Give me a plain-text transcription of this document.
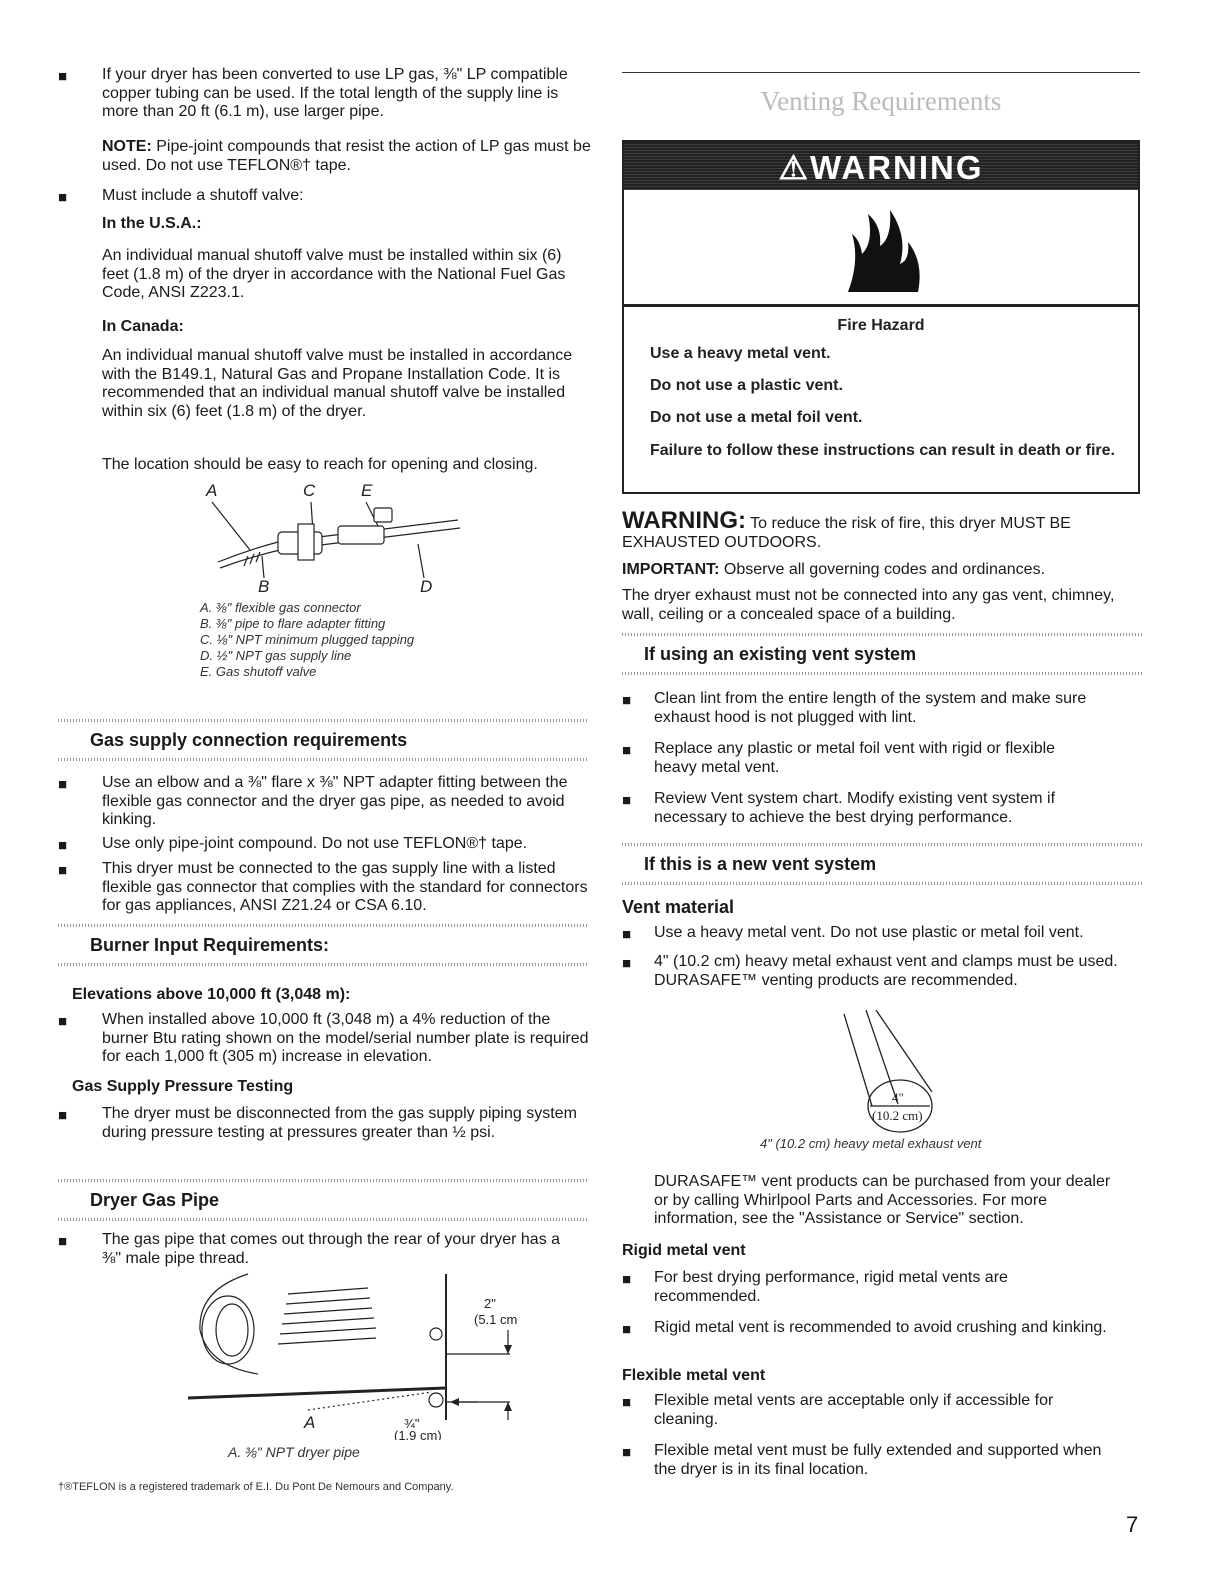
■ If your dryer has been converted to use LP gas, ⅜" LP compatible copper tubing can be used. If the total length of the supply line is more than 20 ft (6.1 m), use larger pipe.

NOTE: Pipe-joint compounds that resist the action of LP gas must be used. Do not use TEFLON®† tape.

■ Must include a shutoff valve:

In the U.S.A.:

An individual manual shutoff valve must be installed within six (6) feet (1.8 m) of the dryer in accordance with the National Fuel Gas Code, ANSI Z223.1.

In Canada:

An individual manual shutoff valve must be installed in accordance with the B149.1, Natural Gas and Propane Installation Code. It is recommended that an individual manual shutoff valve be installed within six (6) feet (1.8 m) of the dryer.

The location should be easy to reach for opening and closing.

A	C	E
B	D
A. ⅜" flexible gas connector
B. ⅜" pipe to flare adapter fitting
C. ⅛" NPT minimum plugged tapping
D. ½" NPT gas supply line
E. Gas shutoff valve
Gas supply connection requirements
■ Use an elbow and a ⅜" flare x ⅜" NPT adapter fitting between the flexible gas connector and the dryer gas pipe, as needed to avoid kinking.

■ Use only pipe-joint compound. Do not use TEFLON®† tape.

■ This dryer must be connected to the gas supply line with a listed flexible gas connector that complies with the standard for connectors for gas appliances, ANSI Z21.24 or CSA 6.10.

Burner Input Requirements:

Elevations above 10,000 ft (3,048 m):

■ When installed above 10,000 ft (3,048 m) a 4% reduction of the burner Btu rating shown on the model/serial number plate is required for each 1,000 ft (305 m) increase in elevation.

Gas Supply Pressure Testing

■ The dryer must be disconnected from the gas supply piping system during pressure testing at pressures greater than ½ psi.

Dryer Gas Pipe
■ The gas pipe that comes out through the rear of your dryer has a ⅜" male pipe thread.

2"
(5.1 cm)
¾"
(1.9 cm)
A

A. ⅜" NPT dryer pipe

†®TEFLON is a registered trademark of E.I. Du Pont De Nemours and Company.

Venting Requirements

⚠WARNING

Fire Hazard

Use a heavy metal vent.

Do not use a plastic vent.

Do not use a metal foil vent.

Failure to follow these instructions can result in death or fire.

WARNING: To reduce the risk of fire, this dryer MUST BE EXHAUSTED OUTDOORS.

IMPORTANT: Observe all governing codes and ordinances.

The dryer exhaust must not be connected into any gas vent, chimney, wall, ceiling or a concealed space of a building.

If using an existing vent system
■ Clean lint from the entire length of the system and make sure exhaust hood is not plugged with lint.

■ Replace any plastic or metal foil vent with rigid or flexible heavy metal vent.

■ Review Vent system chart. Modify existing vent system if necessary to achieve the best drying performance.

If this is a new vent system

Vent material

■ Use a heavy metal vent. Do not use plastic or metal foil vent.

■ 4" (10.2 cm) heavy metal exhaust vent and clamps must be used. DURASAFE™ venting products are recommended.

4"
(10.2 cm)

4" (10.2 cm) heavy metal exhaust vent

DURASAFE™ vent products can be purchased from your dealer or by calling Whirlpool Parts and Accessories. For more information, see the "Assistance or Service" section.

Rigid metal vent

■ For best drying performance, rigid metal vents are recommended.

■ Rigid metal vent is recommended to avoid crushing and kinking.

Flexible metal vent

■ Flexible metal vents are acceptable only if accessible for cleaning.

■ Flexible metal vent must be fully extended and supported when the dryer is in its final location.

7
